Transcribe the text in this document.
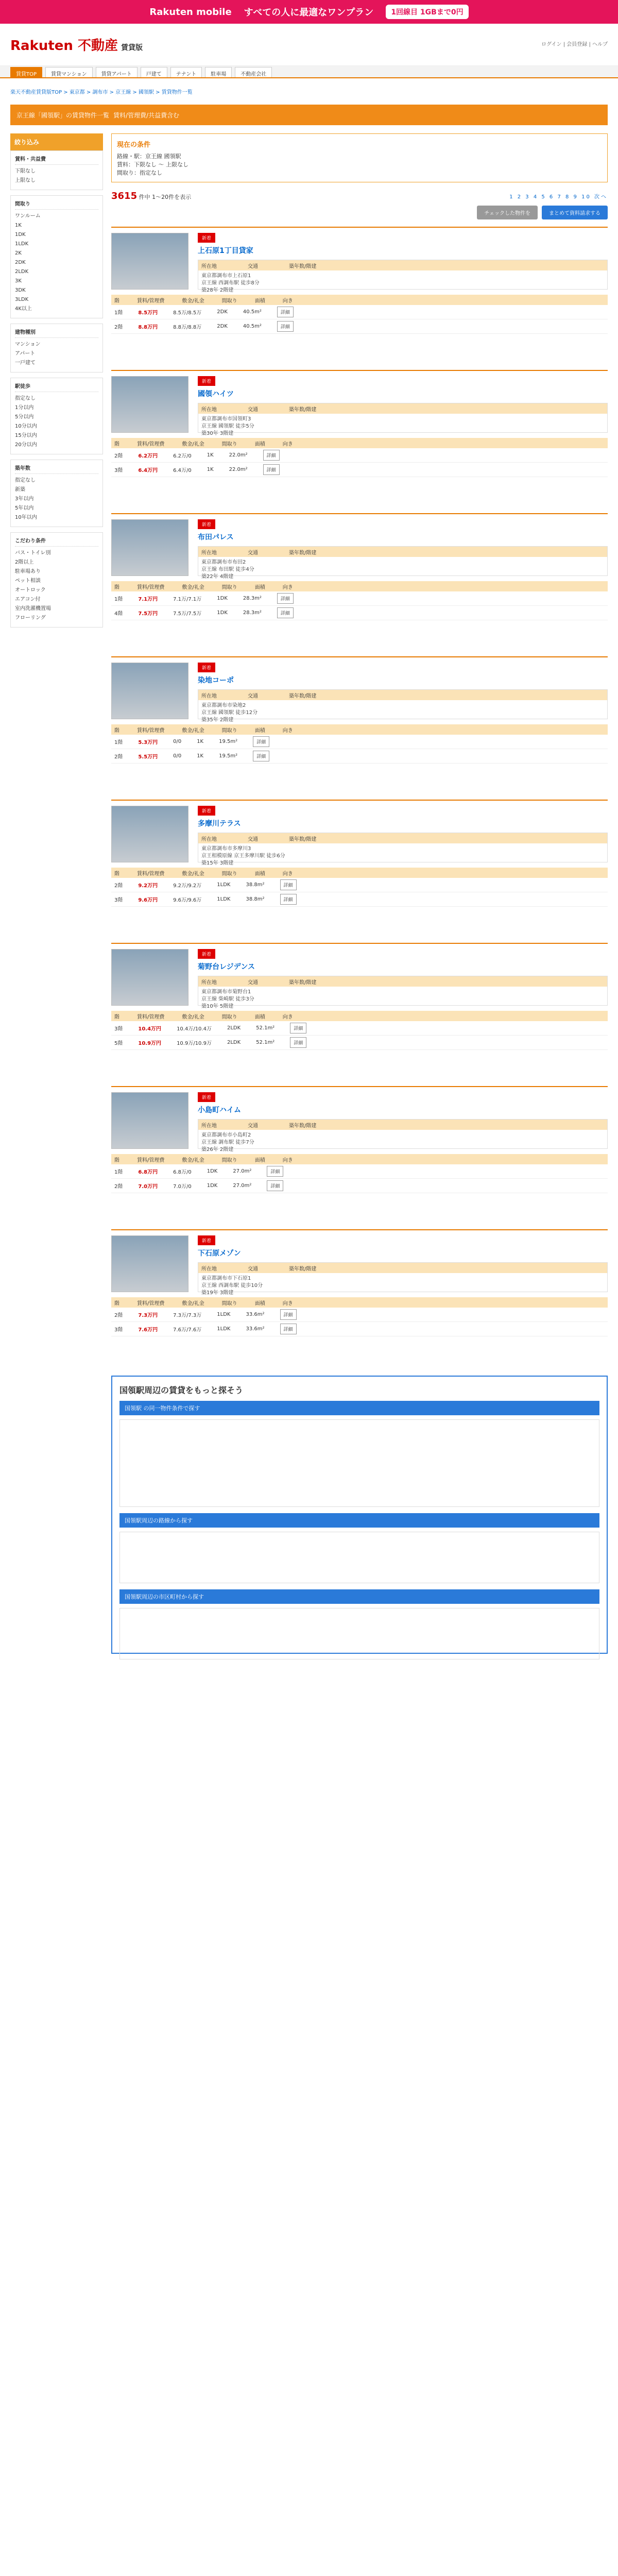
Rakuten mobile すべての人に最適なワンプラン	1回線目 1GBまで0円
Rakuten 不動産 賃貸版	ログイン | 会員登録 | ヘルプ
賃貸TOP	賃貸マンション	賃貸アパート	戸建て	テナント	駐車場	不動産会社
楽天不動産賃貸版TOP > 東京都 > 調布市 > 京王線 > 國領駅 > 賃貸物件一覧
京王線「國領駅」の賃貸物件一覧 賃料/管理費/共益費含む
絞り込み
賃料・共益費
下限なし
上限なし
間取り
ワンルーム
1K
1DK
1LDK
2K
2DK
2LDK
3K
3DK
3LDK
4K以上
建物種別
マンション
アパート
一戸建て
駅徒歩
指定なし
1分以内
5分以内
10分以内
15分以内
20分以内
築年数
指定なし
新築
3年以内
5年以内
10年以内
こだわり条件
バス・トイレ別
2階以上
駐車場あり
ペット相談
オートロック
エアコン付
室内洗濯機置場
フローリング
現在の条件
路線・駅：京王線 國領駅
賃料：下限なし 〜 上限なし
間取り：指定なし
3615 件中 1〜20件を表示	1 2 3 4 5 6 7 8 9 10 次へ
チェックした物件を	まとめて資料請求する
新着
上石原1丁目貸家
所在地	交通	築年数/階建
東京都調布市上石原1
京王線 西調布駅 徒歩8分
築28年 2階建
階	賃料/管理費	敷金/礼金	間取り	面積	向き
1階	8.5万円	8.5万/8.5万	2DK	40.5m²	詳細
2階	8.8万円	8.8万/8.8万	2DK	40.5m²	詳細
新着
國領ハイツ
所在地	交通	築年数/階建
東京都調布市国領町3
京王線 國領駅 徒歩5分
築30年 3階建
階	賃料/管理費	敷金/礼金	間取り	面積	向き
2階	6.2万円	6.2万/0	1K	22.0m²	詳細
3階	6.4万円	6.4万/0	1K	22.0m²	詳細
新着
布田パレス
所在地	交通	築年数/階建
東京都調布市布田2
京王線 布田駅 徒歩4分
築22年 4階建
階	賃料/管理費	敷金/礼金	間取り	面積	向き
1階	7.1万円	7.1万/7.1万	1DK	28.3m²	詳細
4階	7.5万円	7.5万/7.5万	1DK	28.3m²	詳細
新着
染地コーポ
所在地	交通	築年数/階建
東京都調布市染地2
京王線 國領駅 徒歩12分
築35年 2階建
階	賃料/管理費	敷金/礼金	間取り	面積	向き
1階	5.3万円	0/0	1K	19.5m²	詳細
2階	5.5万円	0/0	1K	19.5m²	詳細
新着
多摩川テラス
所在地	交通	築年数/階建
東京都調布市多摩川3
京王相模原線 京王多摩川駅 徒歩6分
築15年 3階建
階	賃料/管理費	敷金/礼金	間取り	面積	向き
2階	9.2万円	9.2万/9.2万	1LDK	38.8m²	詳細
3階	9.6万円	9.6万/9.6万	1LDK	38.8m²	詳細
新着
菊野台レジデンス
所在地	交通	築年数/階建
東京都調布市菊野台1
京王線 柴崎駅 徒歩3分
築10年 5階建
階	賃料/管理費	敷金/礼金	間取り	面積	向き
3階	10.4万円	10.4万/10.4万	2LDK	52.1m²	詳細
5階	10.9万円	10.9万/10.9万	2LDK	52.1m²	詳細
新着
小島町ハイム
所在地	交通	築年数/階建
東京都調布市小島町2
京王線 調布駅 徒歩7分
築26年 2階建
階	賃料/管理費	敷金/礼金	間取り	面積	向き
1階	6.8万円	6.8万/0	1DK	27.0m²	詳細
2階	7.0万円	7.0万/0	1DK	27.0m²	詳細
新着
下石原メゾン
所在地	交通	築年数/階建
東京都調布市下石原1
京王線 西調布駅 徒歩10分
築19年 3階建
階	賃料/管理費	敷金/礼金	間取り	面積	向き
2階	7.3万円	7.3万/7.3万	1LDK	33.6m²	詳細
3階	7.6万円	7.6万/7.6万	1LDK	33.6m²	詳細
国領駅周辺の賃貸をもっと探そう
国領駅 の同一物件条件で探す
国領駅周辺の路線から探す
国領駅周辺の市区町村から探す
